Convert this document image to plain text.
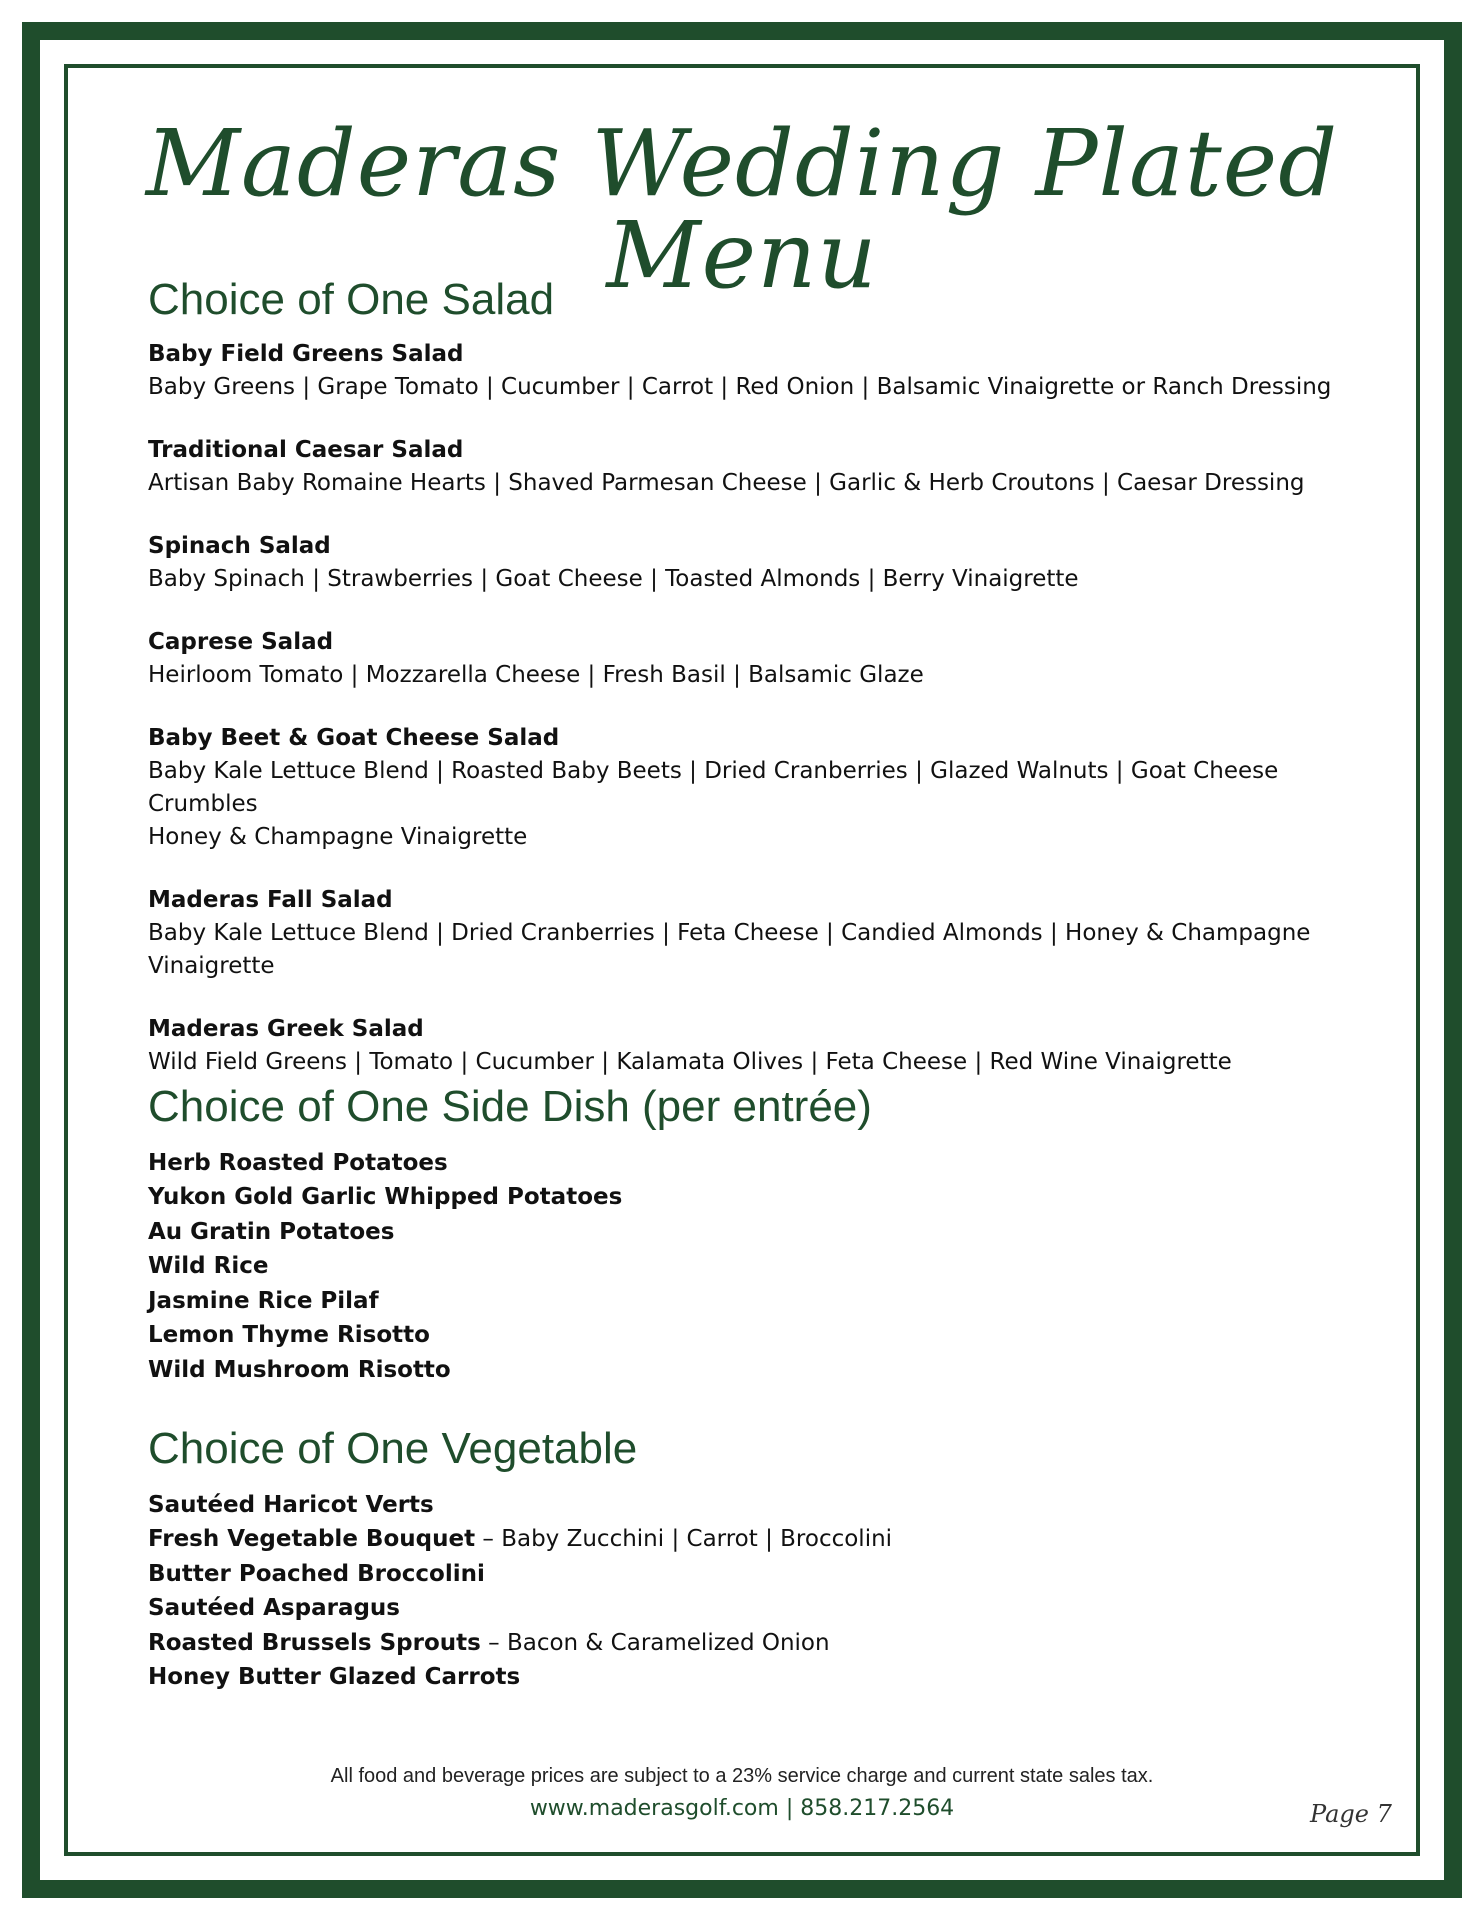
Maderas Wedding Plated Menu
Choice of One Salad
Baby Field Greens Salad
Baby Greens | Grape Tomato | Cucumber | Carrot | Red Onion | Balsamic Vinaigrette or Ranch Dressing
Traditional Caesar Salad
Artisan Baby Romaine Hearts | Shaved Parmesan Cheese | Garlic & Herb Croutons | Caesar Dressing
Spinach Salad
Baby Spinach | Strawberries | Goat Cheese | Toasted Almonds | Berry Vinaigrette
Caprese Salad
Heirloom Tomato | Mozzarella Cheese | Fresh Basil | Balsamic Glaze
Baby Beet & Goat Cheese Salad
Baby Kale Lettuce Blend | Roasted Baby Beets | Dried Cranberries | Glazed Walnuts | Goat Cheese Crumbles
Honey & Champagne Vinaigrette
Maderas Fall Salad
Baby Kale Lettuce Blend | Dried Cranberries | Feta Cheese | Candied Almonds | Honey & Champagne
Vinaigrette
Maderas Greek Salad
Wild Field Greens | Tomato | Cucumber | Kalamata Olives | Feta Cheese | Red Wine Vinaigrette
Choice of One Side Dish (per entrée)
Herb Roasted Potatoes
Yukon Gold Garlic Whipped Potatoes
Au Gratin Potatoes
Wild Rice
Jasmine Rice Pilaf
Lemon Thyme Risotto
Wild Mushroom Risotto
Choice of One Vegetable
Sautéed Haricot Verts
Fresh Vegetable Bouquet – Baby Zucchini | Carrot | Broccolini
Butter Poached Broccolini
Sautéed Asparagus
Roasted Brussels Sprouts – Bacon & Caramelized Onion
Honey Butter Glazed Carrots
All food and beverage prices are subject to a 23% service charge and current state sales tax.
www.maderasgolf.com | 858.217.2564	Page 7
